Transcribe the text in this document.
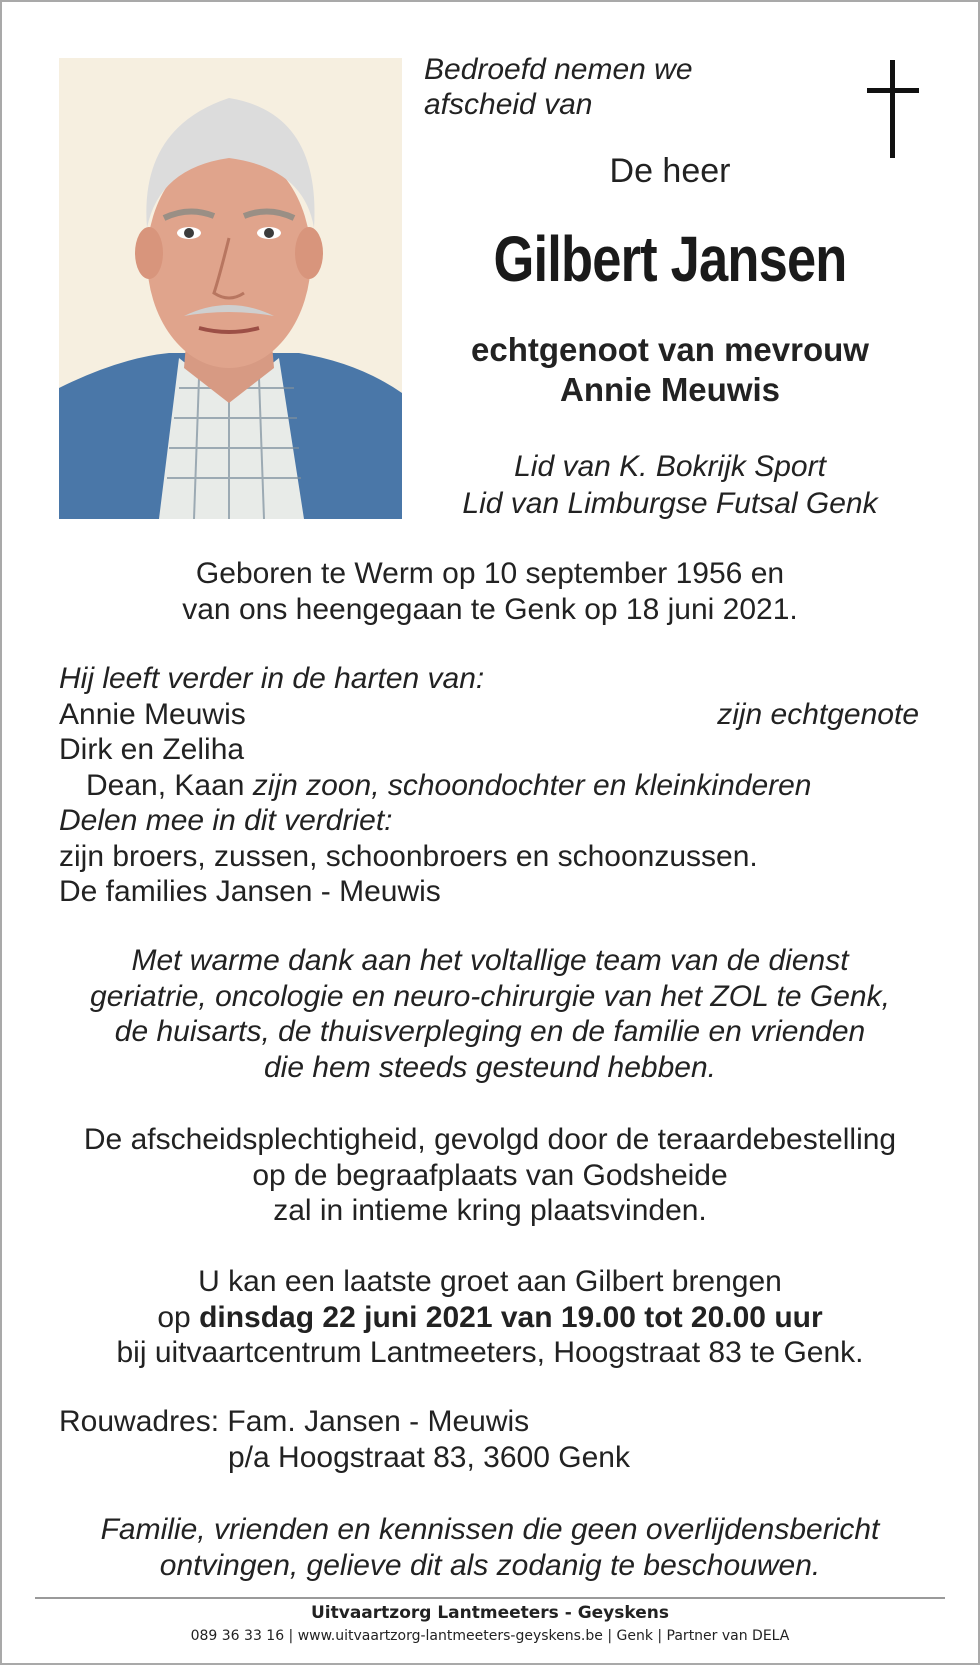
Bedroefd nemen we
afscheid van
De heer
Gilbert Jansen
echtgenoot van mevrouw
Annie Meuwis
Lid van K. Bokrijk Sport
Lid van Limburgse Futsal Genk
Geboren te Werm op 10 september 1956 en
van ons heengegaan te Genk op 18 juni 2021.
Hij leeft verder in de harten van:
Annie Meuwis	zijn echtgenote
Dirk en Zeliha
Dean, Kaan zijn zoon, schoondochter en kleinkinderen
Delen mee in dit verdriet:
zijn broers, zussen, schoonbroers en schoonzussen.
De families Jansen - Meuwis
Met warme dank aan het voltallige team van de dienst
geriatrie, oncologie en neuro-chirurgie van het ZOL te Genk,
de huisarts, de thuisverpleging en de familie en vrienden
die hem steeds gesteund hebben.
De afscheidsplechtigheid, gevolgd door de teraardebestelling
op de begraafplaats van Godsheide
zal in intieme kring plaatsvinden.
U kan een laatste groet aan Gilbert brengen
op dinsdag 22 juni 2021 van 19.00 tot 20.00 uur
bij uitvaartcentrum Lantmeeters, Hoogstraat 83 te Genk.
Rouwadres: Fam. Jansen - Meuwis
p/a Hoogstraat 83, 3600 Genk
Familie, vrienden en kennissen die geen overlijdensbericht
ontvingen, gelieve dit als zodanig te beschouwen.
Uitvaartzorg Lantmeeters - Geyskens
089 36 33 16 | www.uitvaartzorg-lantmeeters-geyskens.be | Genk | Partner van DELA
